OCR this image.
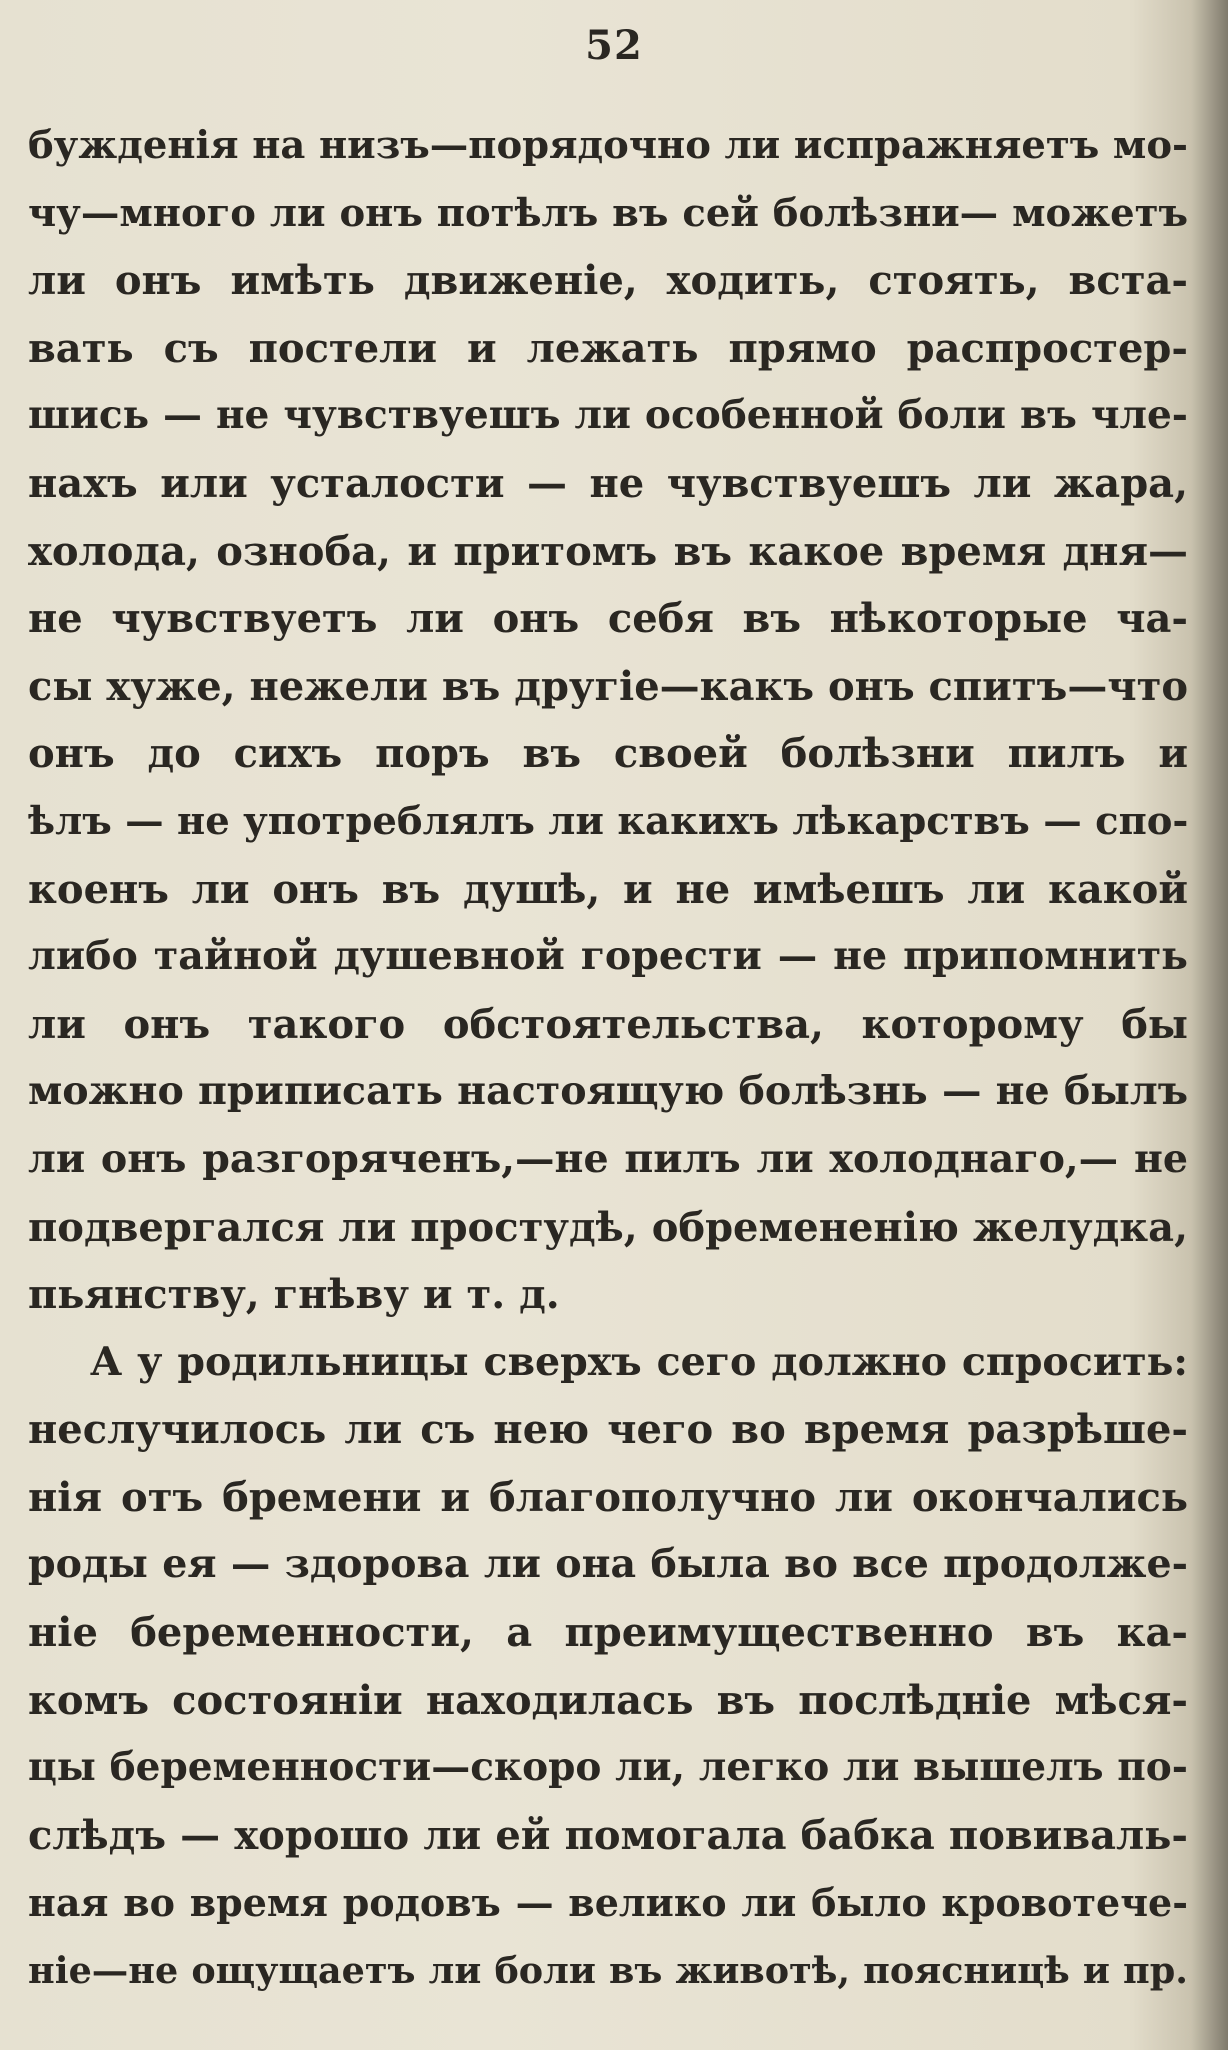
52
бужденія на низъ—порядочно ли испражняетъ мо-
чу—много ли онъ потѣлъ въ сей болѣзни— можетъ
ли онъ имѣть движеніе, ходить, стоять, вста-
вать съ постели и лежать прямо распростер-
шись — не чувствуешъ ли особенной боли въ чле-
нахъ или усталости — не чувствуешъ ли жара,
холода, озноба, и притомъ въ какое время дня—
не чувствуетъ ли онъ себя въ нѣкоторые ча-
сы хуже, нежели въ другіе—какъ онъ спитъ—что
онъ до сихъ поръ въ своей болѣзни пилъ и
ѣлъ — не употреблялъ ли какихъ лѣкарствъ — спо-
коенъ ли онъ въ душѣ, и не имѣешъ ли какой
либо тайной душевной горести — не припомнить
ли онъ такого обстоятельства, которому бы
можно приписать настоящую болѣзнь — не былъ
ли онъ разгоряченъ,—не пилъ ли холоднаго,— не
подвергался ли простудѣ, обремененію желудка,
пьянству, гнѣву и т. д.
А у родильницы сверхъ сего должно спросить:
неслучилось ли съ нею чего во время разрѣше-
нія отъ бремени и благополучно ли окончались
роды ея — здорова ли она была во все продолже-
ніе беременности, а преимущественно въ ка-
комъ состояніи находилась въ послѣдніе мѣся-
цы беременности—скоро ли, легко ли вышелъ по-
слѣдъ — хорошо ли ей помогала бабка повиваль-
ная во время родовъ — велико ли было кровотече-
ніе—не ощущаетъ ли боли въ животѣ, поясницѣ и пр.
